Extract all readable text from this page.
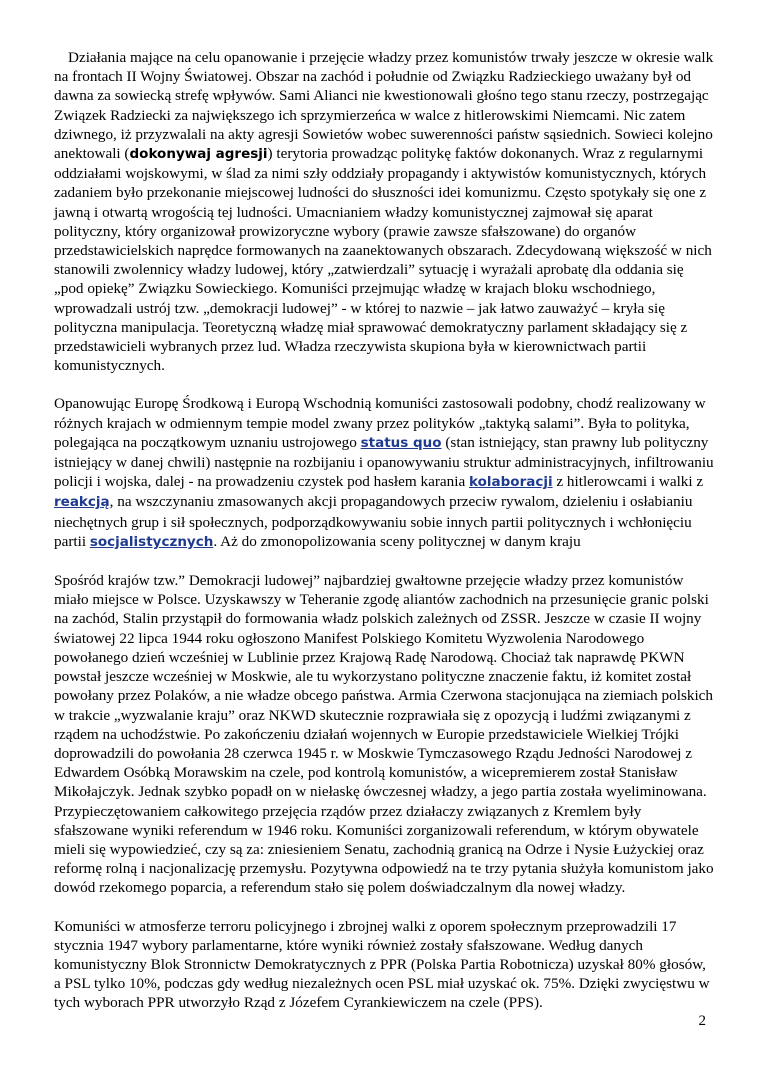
Działania mające na celu opanowanie i przejęcie władzy przez komunistów trwały jeszcze w okresie walk na frontach II Wojny Światowej. Obszar na zachód i południe od Związku Radzieckiego uważany był od dawna za sowiecką strefę wpływów. Sami Alianci nie kwestionowali głośno tego stanu rzeczy, postrzegając Związek Radziecki za największego ich sprzymierzeńca w walce z hitlerowskimi Niemcami. Nic zatem dziwnego, iż przyzwalali na akty agresji Sowietów wobec suwerenności państw sąsiednich. Sowieci kolejno anektowali (dokonywaj agresji) terytoria prowadząc politykę faktów dokonanych. Wraz z regularnymi oddziałami wojskowymi, w ślad za nimi szły oddziały propagandy i aktywistów komunistycznych, których zadaniem było przekonanie miejscowej ludności do słuszności idei komunizmu. Często spotykały się one z jawną i otwartą wrogością tej ludności. Umacnianiem władzy komunistycznej zajmował się aparat polityczny, który organizował prowizoryczne wybory (prawie zawsze sfałszowane) do organów przedstawicielskich naprędce formowanych na zaanektowanych obszarach. Zdecydowaną większość w nich stanowili zwolennicy władzy ludowej, który „zatwierdzali” sytuację i wyrażali aprobatę dla oddania się „pod opiekę” Związku Sowieckiego. Komuniści przejmując władzę w krajach bloku wschodniego, wprowadzali ustrój tzw. „demokracji ludowej” - w której to nazwie – jak łatwo zauważyć – kryła się polityczna manipulacja. Teoretyczną władzę miał sprawować demokratyczny parlament składający się z przedstawicieli wybranych przez lud. Władza rzeczywista skupiona była w kierownictwach partii komunistycznych.

Opanowując Europę Środkową i Europą Wschodnią komuniści zastosowali podobny, chodź realizowany w różnych krajach w odmiennym tempie model zwany przez polityków „taktyką salami”. Była to polityka, polegająca na początkowym uznaniu ustrojowego status quo (stan istniejący, stan prawny lub polityczny istniejący w danej chwili) następnie na rozbijaniu i opanowywaniu struktur administracyjnych, infiltrowaniu policji i wojska, dalej - na prowadzeniu czystek pod hasłem karania kolaboracji z hitlerowcami i walki z reakcją, na wszczynaniu zmasowanych akcji propagandowych przeciw rywalom, dzieleniu i osłabianiu niechętnych grup i sił społecznych, podporządkowywaniu sobie innych partii politycznych i wchłonięciu partii socjalistycznych. Aż do zmonopolizowania sceny politycznej w danym kraju

Spośród krajów tzw.” Demokracji ludowej” najbardziej gwałtowne przejęcie władzy przez komunistów miało miejsce w Polsce. Uzyskawszy w Teheranie zgodę aliantów zachodnich na przesunięcie granic polski na zachód, Stalin przystąpił do formowania władz polskich zależnych od ZSSR. Jeszcze w czasie II wojny światowej 22 lipca 1944 roku ogłoszono Manifest Polskiego Komitetu Wyzwolenia Narodowego powołanego dzień wcześniej w Lublinie przez Krajową Radę Narodową. Chociaż tak naprawdę PKWN powstał jeszcze wcześniej w Moskwie, ale tu wykorzystano polityczne znaczenie faktu, iż komitet został powołany przez Polaków, a nie władze obcego państwa. Armia Czerwona stacjonująca na ziemiach polskich w trakcie „wyzwalanie kraju” oraz NKWD skutecznie rozprawiała się z opozycją i ludźmi związanymi z rządem na uchodźstwie. Po zakończeniu działań wojennych w Europie przedstawiciele Wielkiej Trójki doprowadzili do powołania 28 czerwca 1945 r. w Moskwie Tymczasowego Rządu Jedności Narodowej z Edwardem Osóbką Morawskim na czele, pod kontrolą komunistów, a wicepremierem został Stanisław Mikołajczyk. Jednak szybko popadł on w niełaskę ówczesnej władzy, a jego partia została wyeliminowana. Przypieczętowaniem całkowitego przejęcia rządów przez działaczy związanych z Kremlem były sfałszowane wyniki referendum w 1946 roku. Komuniści zorganizowali referendum, w którym obywatele mieli się wypowiedzieć, czy są za: zniesieniem Senatu, zachodnią granicą na Odrze i Nysie Łużyckiej oraz reformę rolną i nacjonalizację przemysłu. Pozytywna odpowiedź na te trzy pytania służyła komunistom jako dowód rzekomego poparcia, a referendum stało się polem doświadczalnym dla nowej władzy.

Komuniści w atmosferze terroru policyjnego i zbrojnej walki z oporem społecznym przeprowadzili 17 stycznia 1947 wybory parlamentarne, które wyniki również zostały sfałszowane. Według danych komunistyczny Blok Stronnictw Demokratycznych z PPR (Polska Partia Robotnicza) uzyskał 80% głosów, a PSL tylko 10%, podczas gdy według niezależnych ocen PSL miał uzyskać ok. 75%. Dzięki zwycięstwu w tych wyborach PPR utworzyło Rząd z Józefem Cyrankiewiczem na czele (PPS).

2
